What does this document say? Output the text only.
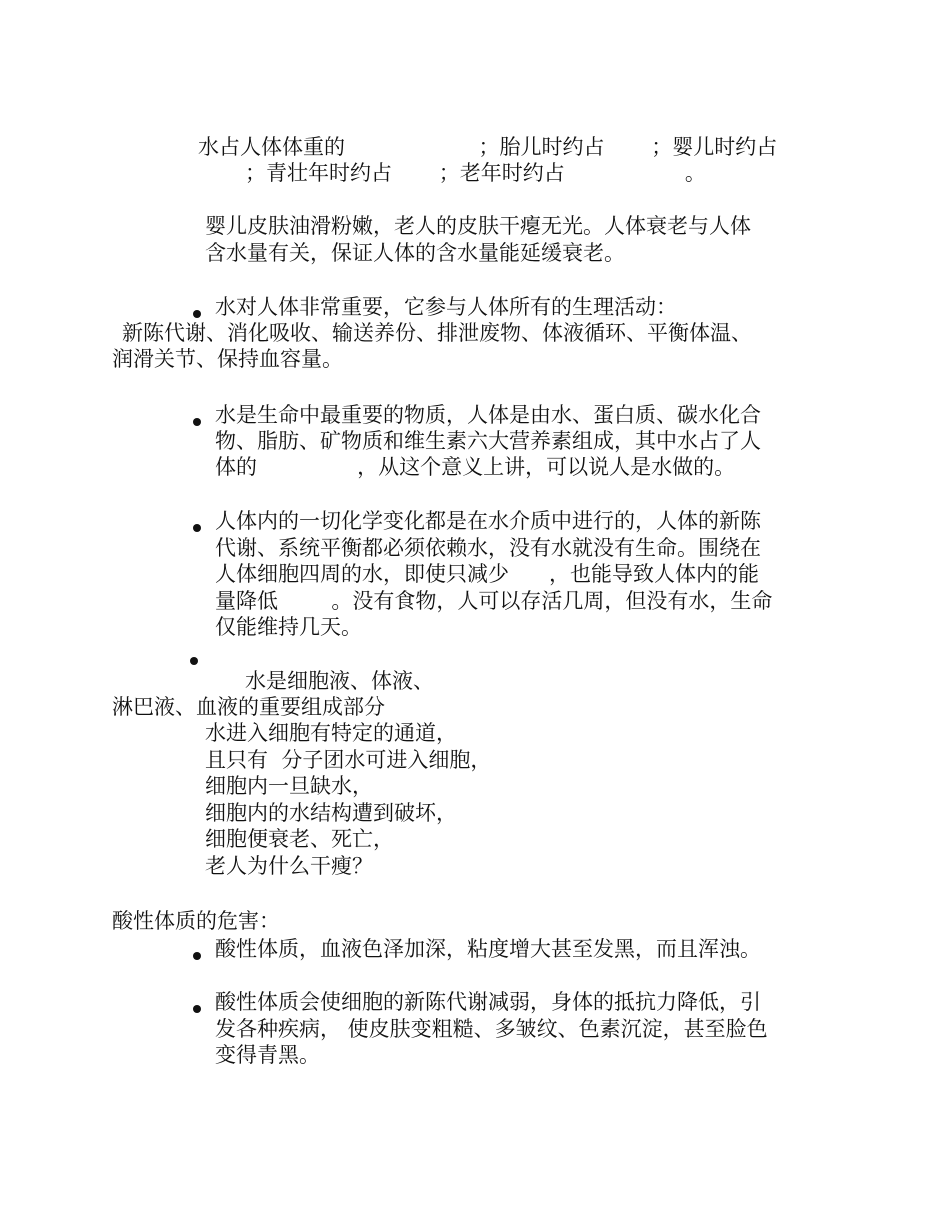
水占人体体重的                    ；胎儿时约占       ；婴儿时约占
；青壮年时约占       ；老年时约占                  。
婴儿皮肤油滑粉嫩，老人的皮肤干瘪无光。人体衰老与人体
含水量有关，保证人体的含水量能延缓衰老。
水对人体非常重要，它参与人体所有的生理活动：
新陈代谢、消化吸收、输送养份、排泄废物、体液循环、平衡体温、
润滑关节、保持血容量。
水是生命中最重要的物质，人体是由水、蛋白质、碳水化合
物、脂肪、矿物质和维生素六大营养素组成，其中水占了人
体的               ，从这个意义上讲，可以说人是水做的。
人体内的一切化学变化都是在水介质中进行的，人体的新陈
代谢、系统平衡都必须依赖水，没有水就没有生命。围绕在
人体细胞四周的水，即使只减少      ，也能导致人体内的能
量降低        。没有食物，人可以存活几周，但没有水，生命
仅能维持几天。
水是细胞液、体液、
淋巴液、血液的重要组成部分
水进入细胞有特定的通道，
且只有  分子团水可进入细胞，
细胞内一旦缺水，
细胞内的水结构遭到破坏，
细胞便衰老、死亡，
老人为什么干瘦？
酸性体质的危害：
酸性体质，血液色泽加深，粘度增大甚至发黑，而且浑浊。
酸性体质会使细胞的新陈代谢减弱，身体的抵抗力降低，引
发各种疾病， 使皮肤变粗糙、多皱纹、色素沉淀，甚至脸色
变得青黑。
